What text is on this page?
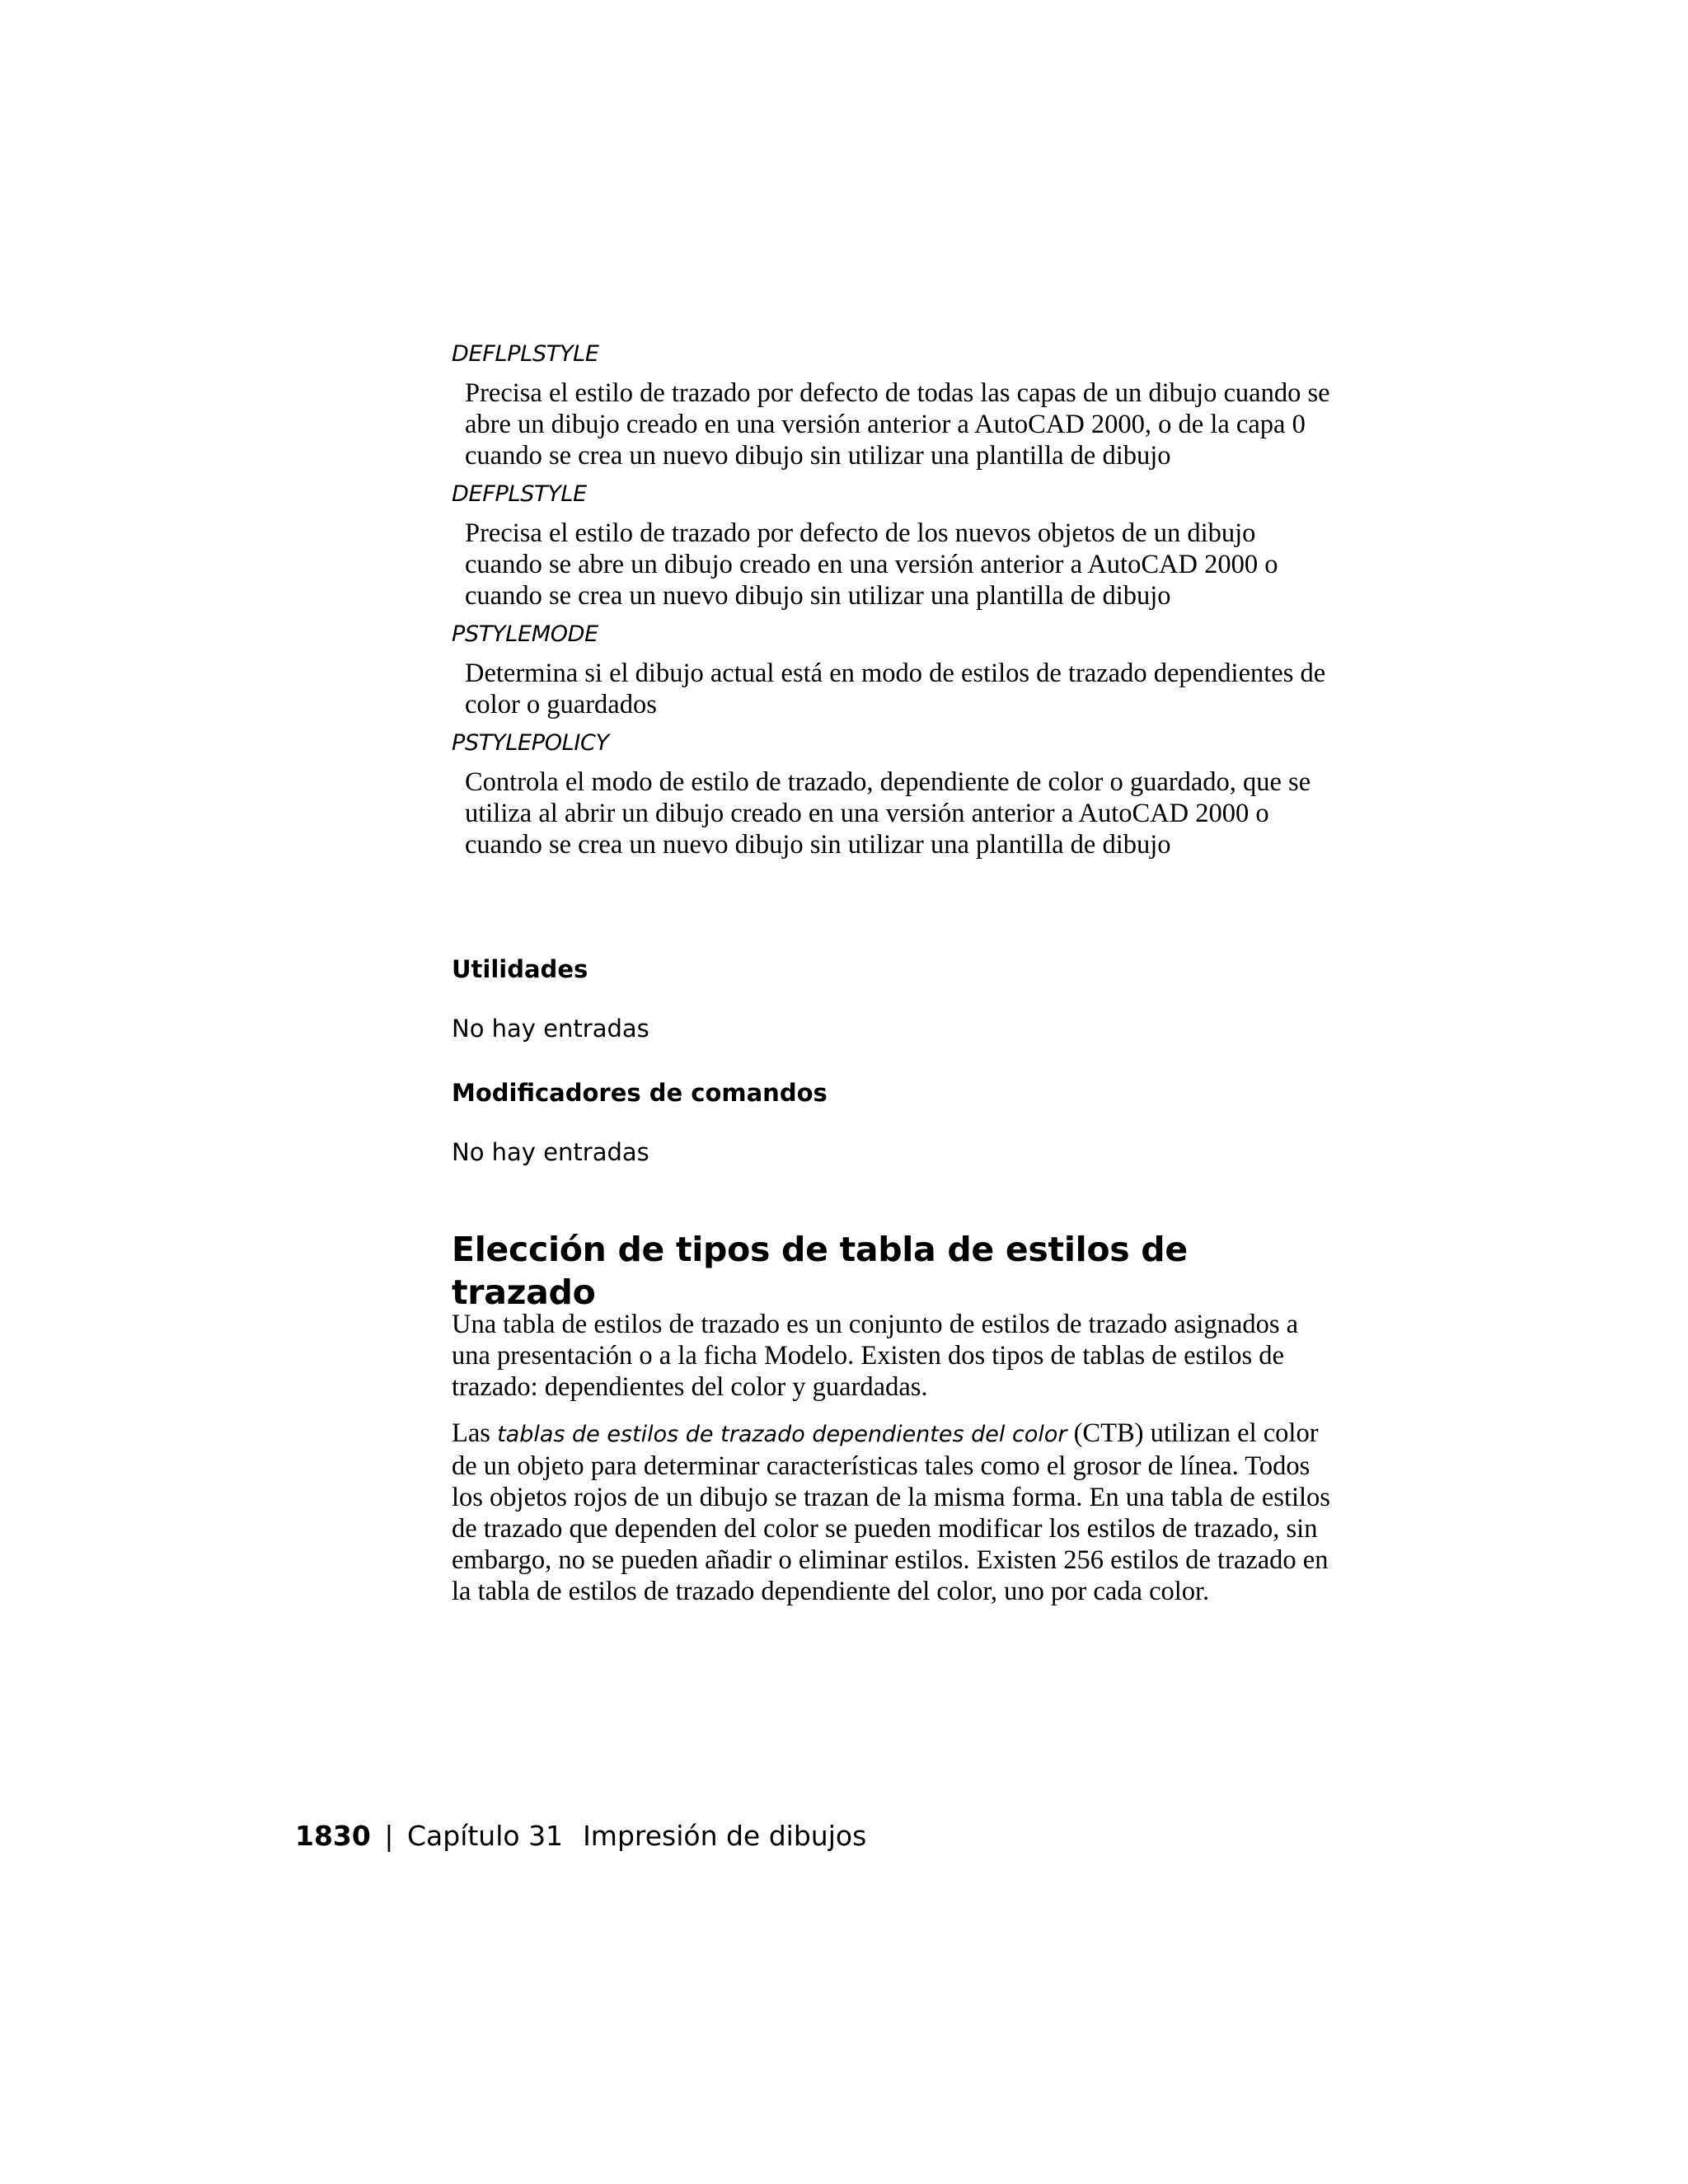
DEFLPLSTYLE

Precisa el estilo de trazado por defecto de todas las capas de un dibujo cuando se abre un dibujo creado en una versión anterior a AutoCAD 2000, o de la capa 0 cuando se crea un nuevo dibujo sin utilizar una plantilla de dibujo

DEFPLSTYLE

Precisa el estilo de trazado por defecto de los nuevos objetos de un dibujo cuando se abre un dibujo creado en una versión anterior a AutoCAD 2000 o cuando se crea un nuevo dibujo sin utilizar una plantilla de dibujo

PSTYLEMODE

Determina si el dibujo actual está en modo de estilos de trazado dependientes de color o guardados

PSTYLEPOLICY

Controla el modo de estilo de trazado, dependiente de color o guardado, que se utiliza al abrir un dibujo creado en una versión anterior a AutoCAD 2000 o cuando se crea un nuevo dibujo sin utilizar una plantilla de dibujo

Utilidades

No hay entradas

Modificadores de comandos

No hay entradas

Elección de tipos de tabla de estilos de trazado

Una tabla de estilos de trazado es un conjunto de estilos de trazado asignados a una presentación o a la ficha Modelo. Existen dos tipos de tablas de estilos de trazado: dependientes del color y guardadas.

Las tablas de estilos de trazado dependientes del color (CTB) utilizan el color de un objeto para determinar características tales como el grosor de línea. Todos los objetos rojos de un dibujo se trazan de la misma forma. En una tabla de estilos de trazado que dependen del color se pueden modificar los estilos de trazado, sin embargo, no se pueden añadir o eliminar estilos. Existen 256 estilos de trazado en la tabla de estilos de trazado dependiente del color, uno por cada color.

1830 | Capítulo 31 Impresión de dibujos
